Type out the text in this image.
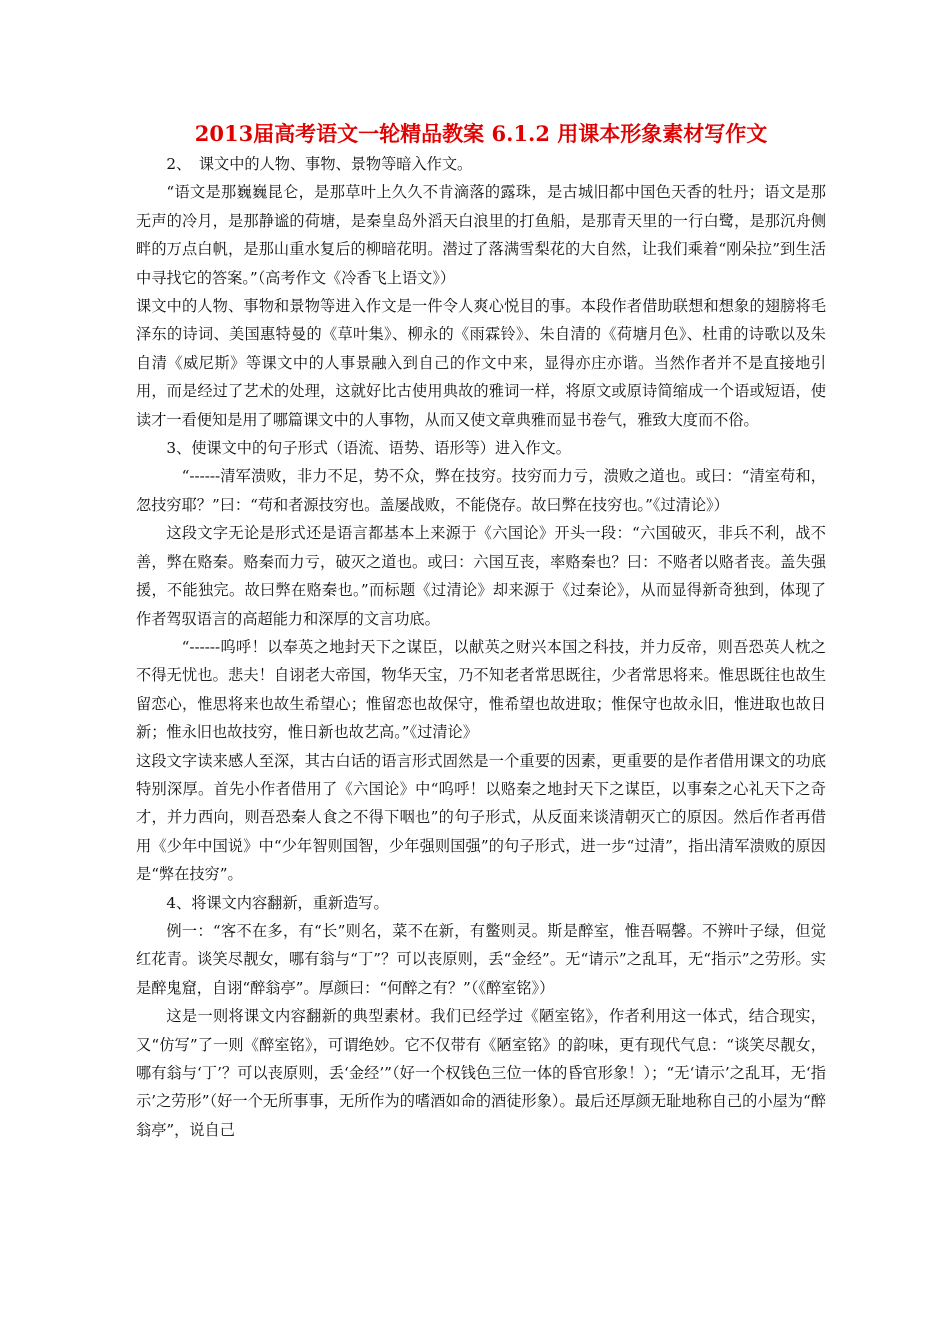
2013届高考语文一轮精品教案 6.1.2 用课本形象素材写作文
2、　课文中的人物、事物、景物等暗入作文。
“语文是那巍巍昆仑，是那草叶上久久不肯滴落的露珠，是古城旧都中国色天香的牡丹；语文是那无声的冷月，是那静谧的荷塘，是秦皇岛外滔天白浪里的打鱼船，是那青天里的一行白鹭，是那沉舟侧畔的万点白帆，是那山重水复后的柳暗花明。潜过了落满雪梨花的大自然，让我们乘着“刚朵拉”到生活中寻找它的答案。”（高考作文《冷香飞上语文》）
课文中的人物、事物和景物等进入作文是一件令人爽心悦目的事。本段作者借助联想和想象的翅膀将毛泽东的诗词、美国惠特曼的《草叶集》、柳永的《雨霖铃》、朱自清的《荷塘月色》、杜甫的诗歌以及朱自清《威尼斯》等课文中的人事景融入到自己的作文中来，显得亦庄亦谐。当然作者并不是直接地引用，而是经过了艺术的处理，这就好比古使用典故的雅词一样，将原文或原诗简缩成一个语或短语，使读才一看便知是用了哪篇课文中的人事物，从而又使文章典雅而显书卷气，雅致大度而不俗。
3、使课文中的句子形式（语流、语势、语形等）进入作文。
“------清军溃败，非力不足，势不众，弊在技穷。技穷而力亏，溃败之道也。或曰：“清室苟和，忽技穷耶？”曰：“苟和者源技穷也。盖屡战败，不能侥存。故曰弊在技穷也。”《过清论》）
这段文字无论是形式还是语言都基本上来源于《六国论》开头一段：“六国破灭，非兵不利，战不善，弊在赂秦。赂秦而力亏，破灭之道也。或曰：六国互丧，率赂秦也？曰：不赂者以赂者丧。盖失强援，不能独完。故曰弊在赂秦也。”而标题《过清论》却来源于《过秦论》，从而显得新奇独到，体现了作者驾驭语言的高超能力和深厚的文言功底。
“------呜呼！以奉英之地封天下之谋臣，以献英之财兴本国之科技，并力反帝，则吾恐英人枕之不得无忧也。悲夫！自诩老大帝国，物华天宝，乃不知老者常思既往，少者常思将来。惟思既往也故生留恋心，惟思将来也故生希望心；惟留恋也故保守，惟希望也故进取；惟保守也故永旧，惟进取也故日新；惟永旧也故技穷，惟日新也故艺高。”《过清论》
这段文字读来感人至深，其古白话的语言形式固然是一个重要的因素，更重要的是作者借用课文的功底特别深厚。首先小作者借用了《六国论》中“呜呼！以赂秦之地封天下之谋臣，以事秦之心礼天下之奇才，并力西向，则吾恐秦人食之不得下咽也”的句子形式，从反面来谈清朝灭亡的原因。然后作者再借用《少年中国说》中“少年智则国智，少年强则国强”的句子形式，进一步“过清”，指出清军溃败的原因是“弊在技穷”。
4、将课文内容翻新，重新造写。
例一：“客不在多，有“长”则名，菜不在新，有鳖则灵。斯是醉室，惟吾嗝馨。不辨叶子绿，但觉红花青。谈笑尽靓女，哪有翁与“丁”？可以丧原则，丢“金经”。无“请示”之乱耳，无“指示”之劳形。实是醉鬼窟，自诩“醉翁亭”。厚颜曰：“何醉之有？”（《醉室铭》）
这是一则将课文内容翻新的典型素材。我们已经学过《陋室铭》，作者利用这一体式，结合现实，又“仿写”了一则《醉室铭》，可谓绝妙。它不仅带有《陋室铭》的韵味，更有现代气息：“谈笑尽靓女，哪有翁与‘丁’？可以丧原则，丢‘金经’”（好一个权钱色三位一体的昏官形象！）；“无‘请示’之乱耳，无‘指示’之劳形”（好一个无所事事，无所作为的嗜酒如命的酒徒形象）。最后还厚颜无耻地称自己的小屋为“醉翁亭”，说自己
